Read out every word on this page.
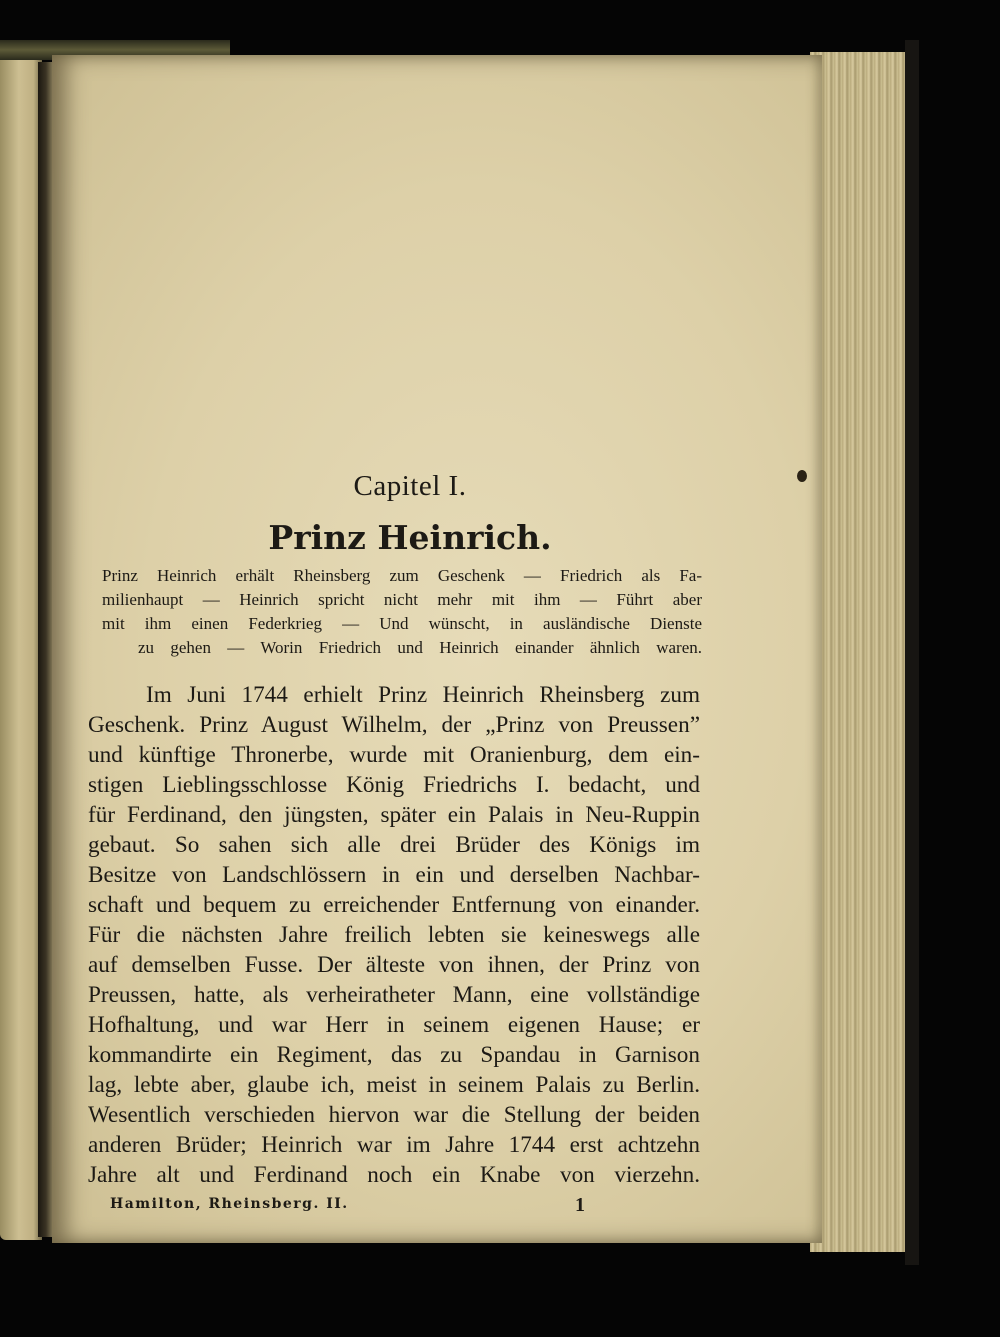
Capitel I.
Prinz Heinrich.
Prinz Heinrich erhält Rheinsberg zum Geschenk — Friedrich als Fa-
milienhaupt — Heinrich spricht nicht mehr mit ihm — Führt aber
mit ihm einen Federkrieg — Und wünscht, in ausländische Dienste
zu gehen — Worin Friedrich und Heinrich einander ähnlich waren.
Im Juni 1744 erhielt Prinz Heinrich Rheinsberg zum
Geschenk. Prinz August Wilhelm, der „Prinz von Preussen”
und künftige Thronerbe, wurde mit Oranienburg, dem ein-
stigen Lieblingsschlosse König Friedrichs I. bedacht, und
für Ferdinand, den jüngsten, später ein Palais in Neu-Ruppin
gebaut. So sahen sich alle drei Brüder des Königs im
Besitze von Landschlössern in ein und derselben Nachbar-
schaft und bequem zu erreichender Entfernung von einander.
Für die nächsten Jahre freilich lebten sie keineswegs alle
auf demselben Fusse. Der älteste von ihnen, der Prinz von
Preussen, hatte, als verheiratheter Mann, eine vollständige
Hofhaltung, und war Herr in seinem eigenen Hause; er
kommandirte ein Regiment, das zu Spandau in Garnison
lag, lebte aber, glaube ich, meist in seinem Palais zu Berlin.
Wesentlich verschieden hiervon war die Stellung der beiden
anderen Brüder; Heinrich war im Jahre 1744 erst achtzehn
Jahre alt und Ferdinand noch ein Knabe von vierzehn.
Hamilton, Rheinsberg. II.	1
